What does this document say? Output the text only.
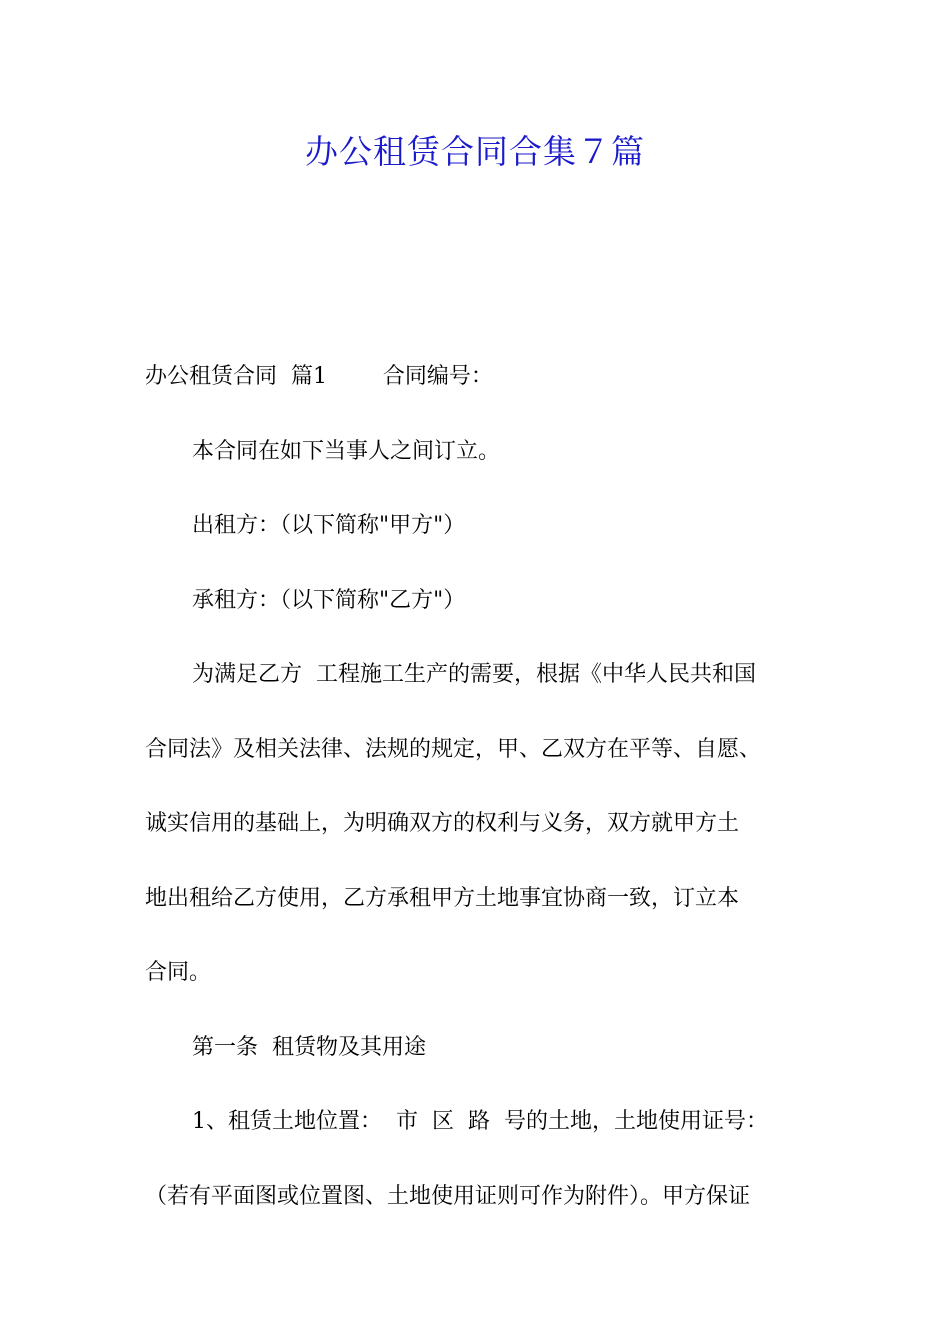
办公租赁合同合集７篇

办公租赁合同  篇1        合同编号：

本合同在如下当事人之间订立。

出租方：（以下简称"甲方"）

承租方：（以下简称"乙方"）

为满足乙方  工程施工生产的需要，根据《中华人民共和国

合同法》及相关法律、法规的规定，甲、乙双方在平等、自愿、

诚实信用的基础上，为明确双方的权利与义务，双方就甲方土

地出租给乙方使用，乙方承租甲方土地事宜协商一致，订立本

合同。

第一条  租赁物及其用途

1、租赁土地位置：  市  区  路  号的土地，土地使用证号：

（若有平面图或位置图、土地使用证则可作为附件）。甲方保证
